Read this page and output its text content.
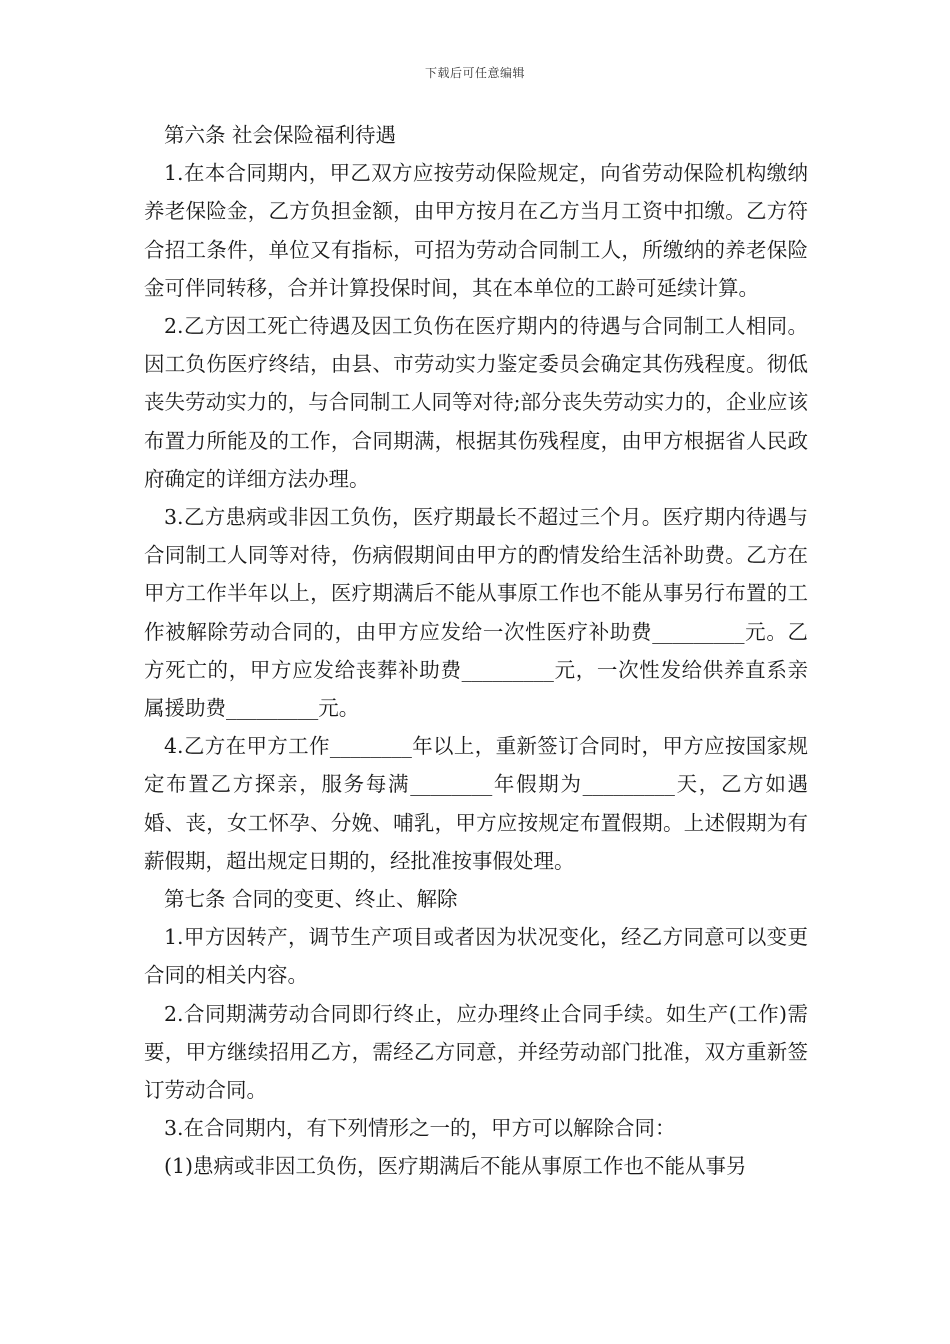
下载后可任意编辑

第六条 社会保险福利待遇

1.在本合同期内，甲乙双方应按劳动保险规定，向省劳动保险机构缴纳养老保险金，乙方负担金额，由甲方按月在乙方当月工资中扣缴。乙方符合招工条件，单位又有指标，可招为劳动合同制工人，所缴纳的养老保险金可伴同转移，合并计算投保时间，其在本单位的工龄可延续计算。

2.乙方因工死亡待遇及因工负伤在医疗期内的待遇与合同制工人相同。因工负伤医疗终结，由县、市劳动实力鉴定委员会确定其伤残程度。彻低丧失劳动实力的，与合同制工人同等对待;部分丧失劳动实力的，企业应该布置力所能及的工作，合同期满，根据其伤残程度，由甲方根据省人民政府确定的详细方法办理。

3.乙方患病或非因工负伤，医疗期最长不超过三个月。医疗期内待遇与合同制工人同等对待，伤病假期间由甲方的酌情发给生活补助费。乙方在甲方工作半年以上，医疗期满后不能从事原工作也不能从事另行布置的工作被解除劳动合同的，由甲方应发给一次性医疗补助费_________元。乙方死亡的，甲方应发给丧葬补助费_________元，一次性发给供养直系亲属援助费_________元。

4.乙方在甲方工作________年以上，重新签订合同时，甲方应按国家规定布置乙方探亲，服务每满________年假期为_________天，乙方如遇婚、丧，女工怀孕、分娩、哺乳，甲方应按规定布置假期。上述假期为有薪假期，超出规定日期的，经批准按事假处理。

第七条 合同的变更、终止、解除

1.甲方因转产，调节生产项目或者因为状况变化，经乙方同意可以变更合同的相关内容。

2.合同期满劳动合同即行终止，应办理终止合同手续。如生产(工作)需要，甲方继续招用乙方，需经乙方同意，并经劳动部门批准，双方重新签订劳动合同。

3.在合同期内，有下列情形之一的，甲方可以解除合同：

(1)患病或非因工负伤，医疗期满后不能从事原工作也不能从事另
